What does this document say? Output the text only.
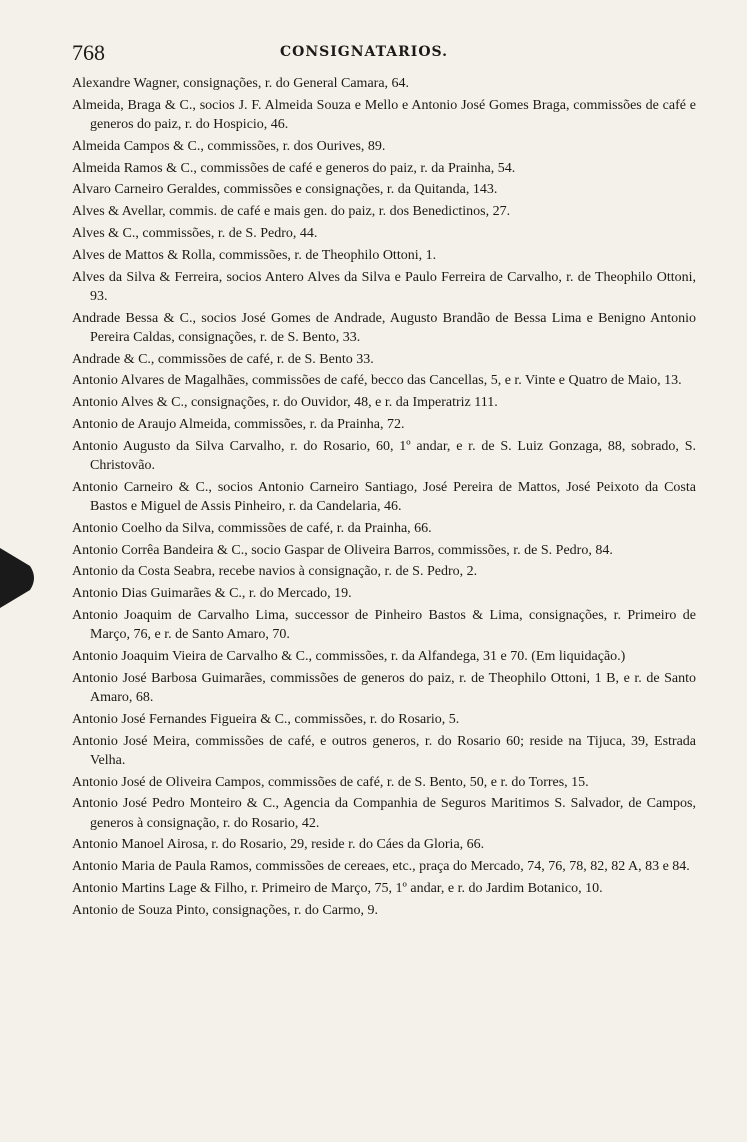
768	CONSIGNATARIOS.

Alexandre Wagner, consignações, r. do General Camara, 64.

Almeida, Braga & C., socios J. F. Almeida Souza e Mello e Antonio José Gomes Braga, commissões de café e generos do paiz, r. do Hospicio, 46.

Almeida Campos & C., commissões, r. dos Ourives, 89.

Almeida Ramos & C., commissões de café e generos do paiz, r. da Prainha, 54.

Alvaro Carneiro Geraldes, commissões e consignações, r. da Quitanda, 143.

Alves & Avellar, commis. de café e mais gen. do paiz, r. dos Benedictinos, 27.

Alves & C., commissões, r. de S. Pedro, 44.

Alves de Mattos & Rolla, commissões, r. de Theophilo Ottoni, 1.

Alves da Silva & Ferreira, socios Antero Alves da Silva e Paulo Ferreira de Carvalho, r. de Theophilo Ottoni, 93.

Andrade Bessa & C., socios José Gomes de Andrade, Augusto Brandão de Bessa Lima e Benigno Antonio Pereira Caldas, consignações, r. de S. Bento, 33.

Andrade & C., commissões de café, r. de S. Bento 33.

Antonio Alvares de Magalhães, commissões de café, becco das Cancellas, 5, e r. Vinte e Quatro de Maio, 13.

Antonio Alves & C., consignações, r. do Ouvidor, 48, e r. da Imperatriz 111.

Antonio de Araujo Almeida, commissões, r. da Prainha, 72.

Antonio Augusto da Silva Carvalho, r. do Rosario, 60, 1º andar, e r. de S. Luiz Gonzaga, 88, sobrado, S. Christovão.

Antonio Carneiro & C., socios Antonio Carneiro Santiago, José Pereira de Mattos, José Peixoto da Costa Bastos e Miguel de Assis Pinheiro, r. da Candelaria, 46.

Antonio Coelho da Silva, commissões de café, r. da Prainha, 66.

Antonio Corrêa Bandeira & C., socio Gaspar de Oliveira Barros, commissões, r. de S. Pedro, 84.

Antonio da Costa Seabra, recebe navios à consignação, r. de S. Pedro, 2.

Antonio Dias Guimarães & C., r. do Mercado, 19.

Antonio Joaquim de Carvalho Lima, successor de Pinheiro Bastos & Lima, consignações, r. Primeiro de Março, 76, e r. de Santo Amaro, 70.

Antonio Joaquim Vieira de Carvalho & C., commissões, r. da Alfandega, 31 e 70. (Em liquidação.)

Antonio José Barbosa Guimarães, commissões de generos do paiz, r. de Theophilo Ottoni, 1 B, e r. de Santo Amaro, 68.

Antonio José Fernandes Figueira & C., commissões, r. do Rosario, 5.

Antonio José Meira, commissões de café, e outros generos, r. do Rosario 60; reside na Tijuca, 39, Estrada Velha.

Antonio José de Oliveira Campos, commissões de café, r. de S. Bento, 50, e r. do Torres, 15.

Antonio José Pedro Monteiro & C., Agencia da Companhia de Seguros Maritimos S. Salvador, de Campos, generos à consignação, r. do Rosario, 42.

Antonio Manoel Airosa, r. do Rosario, 29, reside r. do Cáes da Gloria, 66.

Antonio Maria de Paula Ramos, commissões de cereaes, etc., praça do Mercado, 74, 76, 78, 82, 82 A, 83 e 84.

Antonio Martins Lage & Filho, r. Primeiro de Março, 75, 1º andar, e r. do Jardim Botanico, 10.

Antonio de Souza Pinto, consignações, r. do Carmo, 9.
